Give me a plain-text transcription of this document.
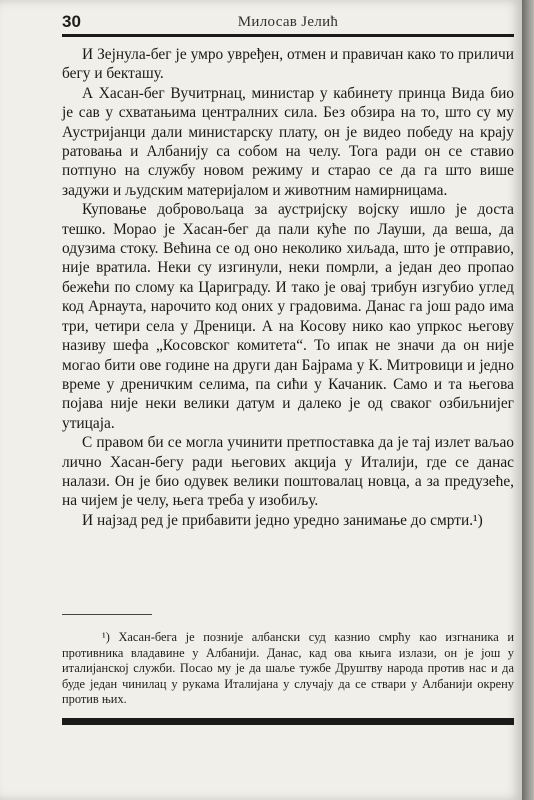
30	Милосав Јелић

И Зејнула-бег је умро увређен, отмен и правичан како то приличи бегу и бекташу.

А Хасан-бег Вучитрнац, министар у кабинету принца Вида био је сав у схватањима централних сила. Без обзира на то, што су му Аустријанци дали министарску плату, он је видео победу на крају ратовања и Албанију са собом на челу. Тога ради он се ставио потпуно на службу новом режиму и старао се да га што више задужи и људским материјалом и животним намирницама.

Куповање добровољаца за аустријску војску ишло је доста тешко. Морао је Хасан-бег да пали куће по Лауши, да веша, да одузима стоку. Већина се од оно неколико хиљада, што је отправио, није вратила. Неки су изгинули, неки помрли, а један део пропао бежећи по слому ка Цариграду. И тако је овај трибун изгубио углед код Арнаута, нарочито код оних у градовима. Данас га још радо има три, четири села у Дреници. А на Косову нико као упркос његову називу шефа „Косовског комитета“. То ипак не значи да он није могао бити ове године на други дан Бајрама у К. Митровици и једно време у дреничким селима, па сићи у Качаник. Само и та његова појава није неки велики датум и далеко је од сваког озбиљнијег утицаја.

С правом би се могла учинити претпоставка да је тај излет ваљао лично Хасан-бегу ради његових акција у Италији, где се данас налази. Он је био одувек велики поштовалац новца, а за предузеће, на чијем је челу, њега треба у изобиљу.

И најзад ред је прибавити једно уредно занимање до смрти.¹)

¹) Хасан-бега је позније албански суд казнио смрћу као изгнаника и противника владавине у Албанији. Данас, кад ова књига излази, он је још у италијанској служби. Посао му је да шаље тужбе Друштву народа против нас и да буде један чинилац у рукама Италијана у случају да се ствари у Албанији окрену против њих.
